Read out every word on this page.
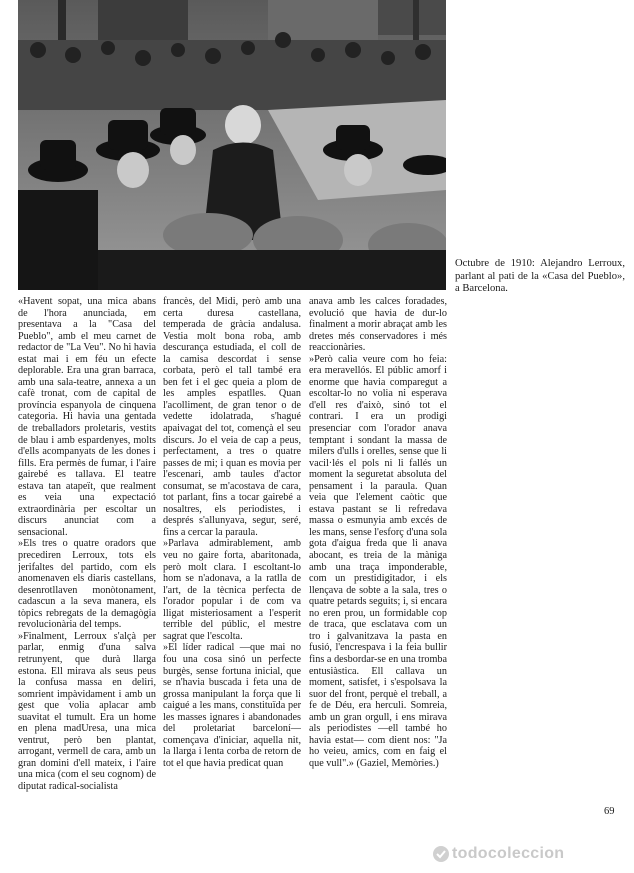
Octubre de 1910: Alejandro Lerroux, parlant al pati de la «Casa del Pueblo», a Barcelona.

«Havent sopat, una mica abans de l'hora anunciada, em presentava a la "Casa del Pueblo", amb el meu carnet de redactor de "La Veu". No hi havia estat mai i em féu un efecte deplorable. Era una gran barraca, amb una sala-teatre, annexa a un cafè tronat, com de capital de província espanyola de cinquena categoria. Hi havia una gentada de treballadors proletaris, vestits de blau i amb espardenyes, molts d'ells acompanyats de les dones i fills. Era permès de fumar, i l'aire gairebé es tallava. El teatre estava tan atapeït, que realment es veia una expectació extraordinària per escoltar un discurs anunciat com a sensacional.

»Els tres o quatre oradors que precediren Lerroux, tots els jerifaltes del partido, com els anomenaven els diaris castellans, desenrotllaven monòtonament, cadascun a la seva manera, els tòpics rebregats de la demagògia revolucionària del temps.

»Finalment, Lerroux s'alçà per parlar, enmig d'una salva retrunyent, que durà llarga estona. Ell mirava als seus peus la confusa massa en deliri, somrient impàvidament i amb un gest que volia aplacar amb suavitat el tumult. Era un home en plena madUresa, una mica ventrut, però ben plantat, arrogant, vermell de cara, amb un gran domini d'ell mateix, i l'aire una mica (com el seu cognom) de diputat radical-socialista

francès, del Midi, però amb una certa duresa castellana, temperada de gràcia andalusa. Vestia molt bona roba, amb descurança estudiada, el coll de la camisa descordat i sense corbata, però el tall també era ben fet i el gec queia a plom de les amples espatlles. Quan l'acolliment, de gran tenor o de vedette idolatrada, s'hagué apaivagat del tot, començà el seu discurs. Jo el veia de cap a peus, perfectament, a tres o quatre passes de mi; i quan es movia per l'escenari, amb taules d'actor consumat, se m'acostava de cara, tot parlant, fins a tocar gairebé a nosaltres, els periodistes, i després s'allunyava, segur, seré, fins a cercar la paraula.

»Parlava admirablement, amb veu no gaire forta, abaritonada, però molt clara. I escoltant-lo hom se n'adonava, a la ratlla de l'art, de la tècnica perfecta de l'orador popular i de com va lligat misteriosament a l'esperit terrible del públic, el mestre sagrat que l'escolta.

»El líder radical —que mai no fou una cosa sinó un perfecte burgès, sense fortuna inicial, que se n'havia buscada i feta una de grossa manipulant la força que li caigué a les mans, constituïda per les masses ignares i abandonades del proletariat barceloní— començava d'iniciar, aquella nit, la llarga i lenta corba de retorn de tot el que havia predicat quan

anava amb les calces foradades, evolució que havia de dur-lo finalment a morir abraçat amb les dretes més conservadores i més reaccionàries.

»Però calia veure com ho feia: era meravellós. El públic amorf i enorme que havia comparegut a escoltar-lo no volia ni esperava d'ell res d'això, sinó tot el contrari. I era un prodigi presenciar com l'orador anava temptant i sondant la massa de milers d'ulls i orelles, sense que li vacil·lés el pols ni li fallés un moment la seguretat absoluta del pensament i la paraula. Quan veia que l'element caòtic que estava pastant se li refredava massa o esmunyia amb excés de les mans, sense l'esforç d'una sola gota d'aigua freda que li anava abocant, es treia de la màniga amb una traça imponderable, com un prestidigitador, i els llençava de sobte a la sala, tres o quatre petards seguits; i, si encara no eren prou, un formidable cop de traca, que esclatava com un tro i galvanitzava la pasta en fusió, l'encrespava i la feia bullir fins a desbordar-se en una tromba entusiàstica. Ell callava un moment, satisfet, i s'espolsava la suor del front, perquè el treball, a fe de Déu, era herculi. Somreia, amb un gran orgull, i ens mirava als periodistes —ell també ho havia estat— com dient nos: "Ja ho veieu, amics, com en faig el que vull".» (Gaziel, Memòries.)

69
todocoleccion
